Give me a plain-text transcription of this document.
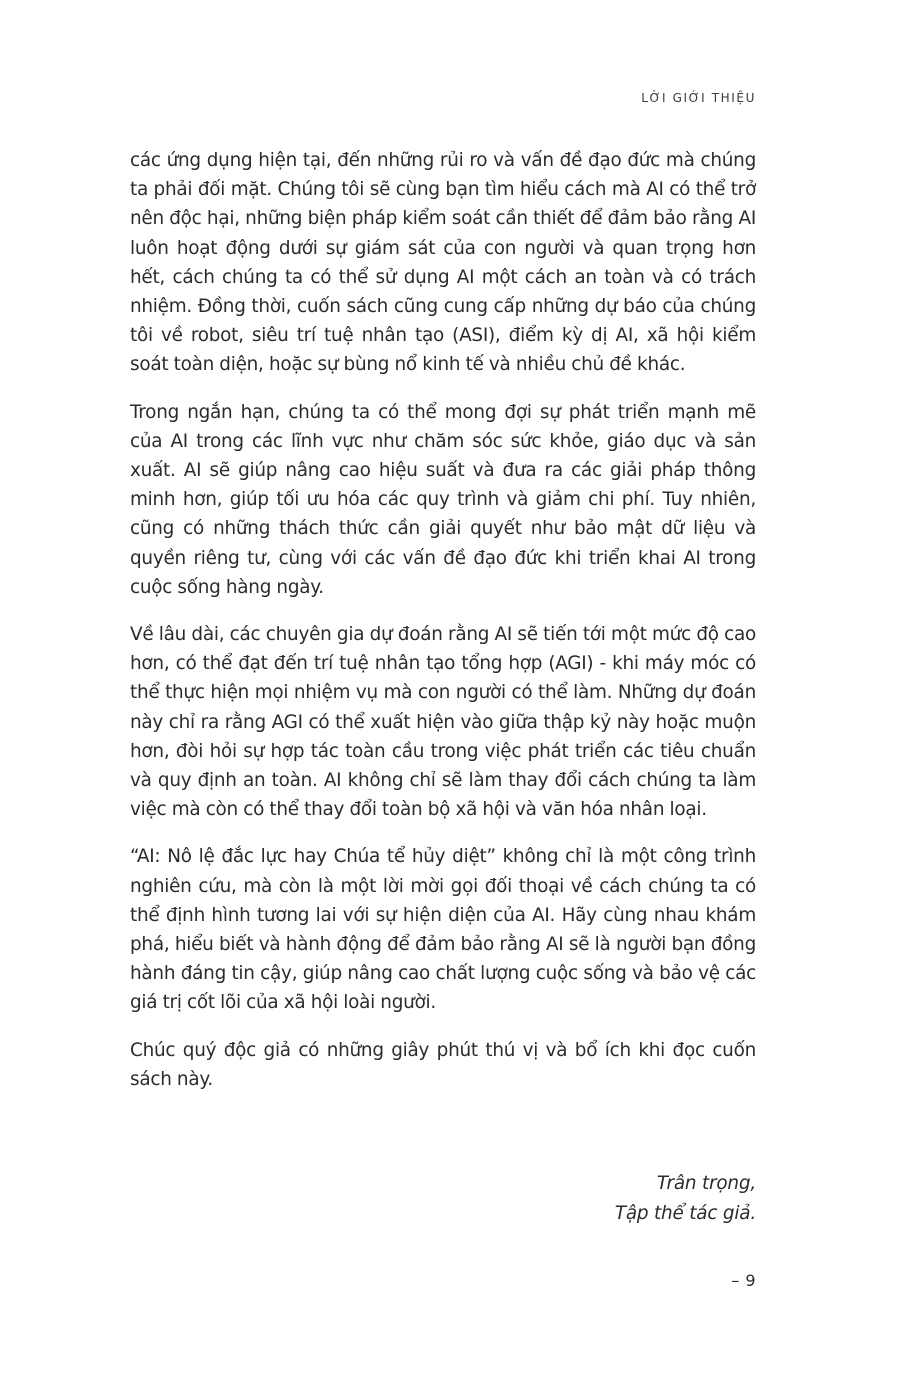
LỜI GIỚI THIỆU

các ứng dụng hiện tại, đến những rủi ro và vấn đề đạo đức mà chúng ta phải đối mặt. Chúng tôi sẽ cùng bạn tìm hiểu cách mà AI có thể trở nên độc hại, những biện pháp kiểm soát cần thiết để đảm bảo rằng AI luôn hoạt động dưới sự giám sát của con người và quan trọng hơn hết, cách chúng ta có thể sử dụng AI một cách an toàn và có trách nhiệm. Đồng thời, cuốn sách cũng cung cấp những dự báo của chúng tôi về robot, siêu trí tuệ nhân tạo (ASI), điểm kỳ dị AI, xã hội kiểm soát toàn diện, hoặc sự bùng nổ kinh tế và nhiều chủ đề khác.

Trong ngắn hạn, chúng ta có thể mong đợi sự phát triển mạnh mẽ của AI trong các lĩnh vực như chăm sóc sức khỏe, giáo dục và sản xuất. AI sẽ giúp nâng cao hiệu suất và đưa ra các giải pháp thông minh hơn, giúp tối ưu hóa các quy trình và giảm chi phí. Tuy nhiên, cũng có những thách thức cần giải quyết như bảo mật dữ liệu và quyền riêng tư, cùng với các vấn đề đạo đức khi triển khai AI trong cuộc sống hàng ngày.

Về lâu dài, các chuyên gia dự đoán rằng AI sẽ tiến tới một mức độ cao hơn, có thể đạt đến trí tuệ nhân tạo tổng hợp (AGI) - khi máy móc có thể thực hiện mọi nhiệm vụ mà con người có thể làm. Những dự đoán này chỉ ra rằng AGI có thể xuất hiện vào giữa thập kỷ này hoặc muộn hơn, đòi hỏi sự hợp tác toàn cầu trong việc phát triển các tiêu chuẩn và quy định an toàn. AI không chỉ sẽ làm thay đổi cách chúng ta làm việc mà còn có thể thay đổi toàn bộ xã hội và văn hóa nhân loại.

“AI: Nô lệ đắc lực hay Chúa tể hủy diệt” không chỉ là một công trình nghiên cứu, mà còn là một lời mời gọi đối thoại về cách chúng ta có thể định hình tương lai với sự hiện diện của AI. Hãy cùng nhau khám phá, hiểu biết và hành động để đảm bảo rằng AI sẽ là người bạn đồng hành đáng tin cậy, giúp nâng cao chất lượng cuộc sống và bảo vệ các giá trị cốt lõi của xã hội loài người.

Chúc quý độc giả có những giây phút thú vị và bổ ích khi đọc cuốn sách này.

Trân trọng,
Tập thể tác giả.
– 9
